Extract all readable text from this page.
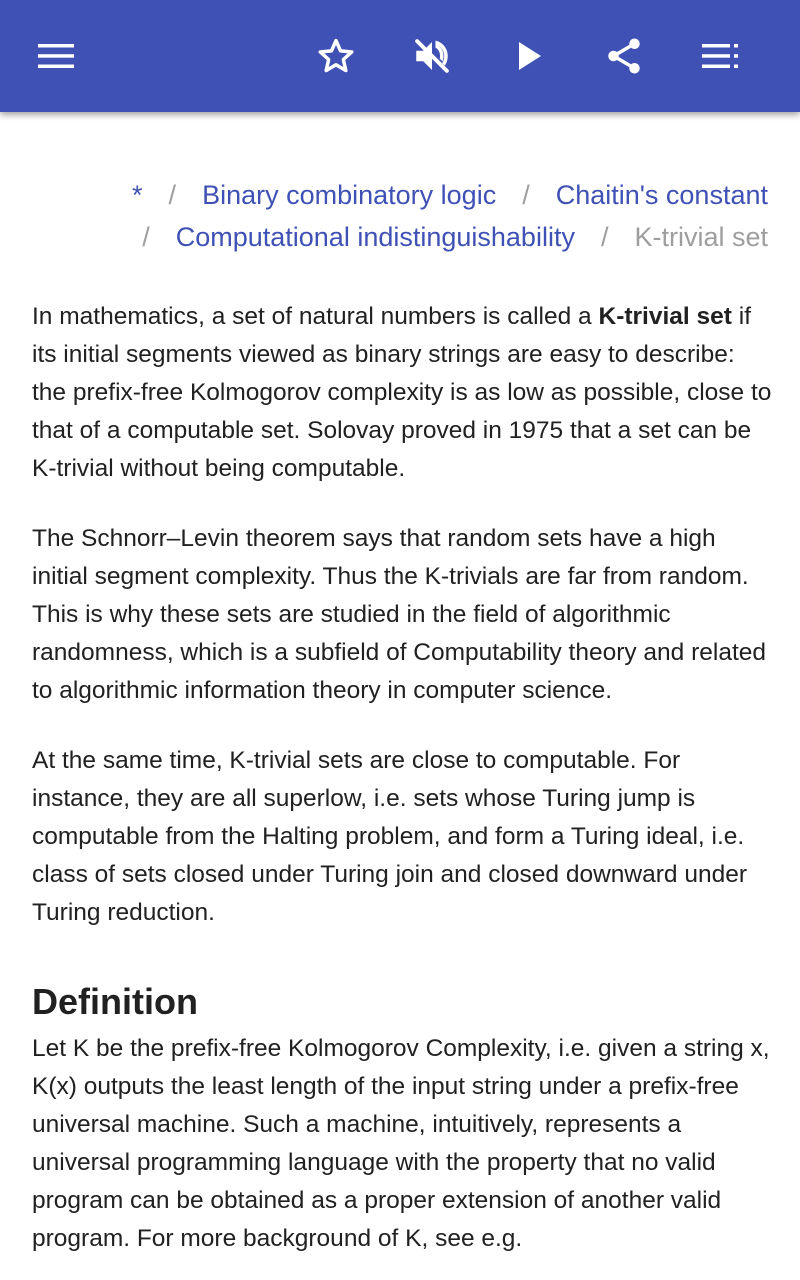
* / Binary combinatory logic / Chaitin's constant
/ Computational indistinguishability / K-trivial set

In mathematics, a set of natural numbers is called a K-trivial set if its initial segments viewed as binary strings are easy to describe: the prefix-free Kolmogorov complexity is as low as possible, close to that of a computable set. Solovay proved in 1975 that a set can be K-trivial without being computable.

The Schnorr–Levin theorem says that random sets have a high initial segment complexity. Thus the K-trivials are far from random. This is why these sets are studied in the field of algorithmic randomness, which is a subfield of Computability theory and related to algorithmic information theory in computer science.

At the same time, K-trivial sets are close to computable. For instance, they are all superlow, i.e. sets whose Turing jump is computable from the Halting problem, and form a Turing ideal, i.e. class of sets closed under Turing join and closed downward under Turing reduction.

Definition

Let K be the prefix-free Kolmogorov Complexity, i.e. given a string x, K(x) outputs the least length of the input string under a prefix-free universal machine. Such a machine, intuitively, represents a universal programming language with the property that no valid program can be obtained as a proper extension of another valid program. For more background of K, see e.g.
